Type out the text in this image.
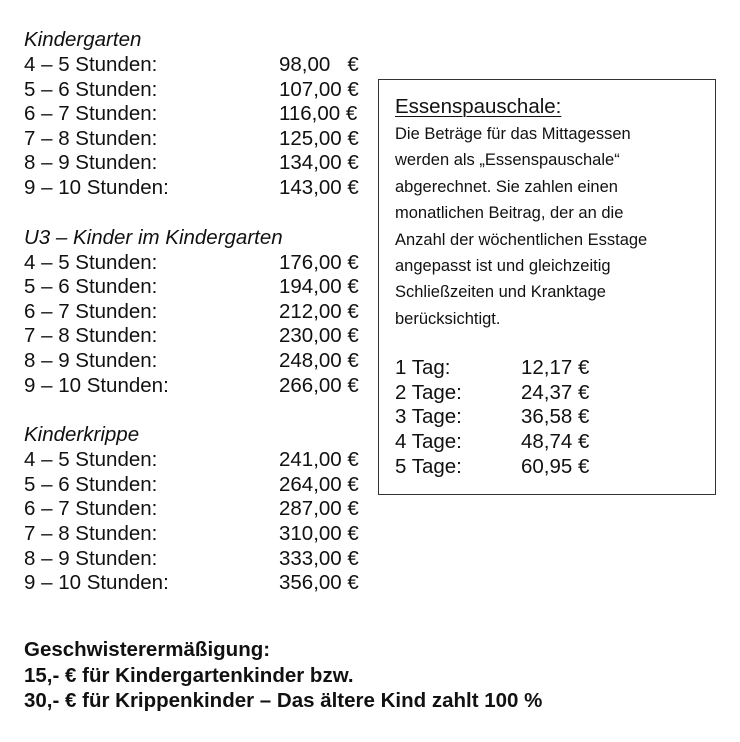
Kindergarten
4 – 5 Stunden:	98,00   €
5 – 6 Stunden:	107,00 €
6 – 7 Stunden:	116,00 €
7 – 8 Stunden:	125,00 €
8 – 9 Stunden:	134,00 €
9 – 10 Stunden:	143,00 €
U3 – Kinder im Kindergarten
4 – 5 Stunden:	176,00 €
5 – 6 Stunden:	194,00 €
6 – 7 Stunden:	212,00 €
7 – 8 Stunden:	230,00 €
8 – 9 Stunden:	248,00 €
9 – 10 Stunden:	266,00 €
Kinderkrippe
4 – 5 Stunden:	241,00 €
5 – 6 Stunden:	264,00 €
6 – 7 Stunden:	287,00 €
7 – 8 Stunden:	310,00 €
8 – 9 Stunden:	333,00 €
9 – 10 Stunden:	356,00 €
Essenspauschale:
Die Beträge für das Mittagessen
werden als „Essenspauschale“
abgerechnet. Sie zahlen einen
monatlichen Beitrag, der an die
Anzahl der wöchentlichen Esstage
angepasst ist und gleichzeitig
Schließzeiten und Kranktage
berücksichtigt.
1 Tag:	12,17 €
2 Tage:	24,37 €
3 Tage:	36,58 €
4 Tage:	48,74 €
5 Tage:	60,95 €
Geschwisterermäßigung:
15,- € für Kindergartenkinder bzw.
30,- € für Krippenkinder – Das ältere Kind zahlt 100 %
